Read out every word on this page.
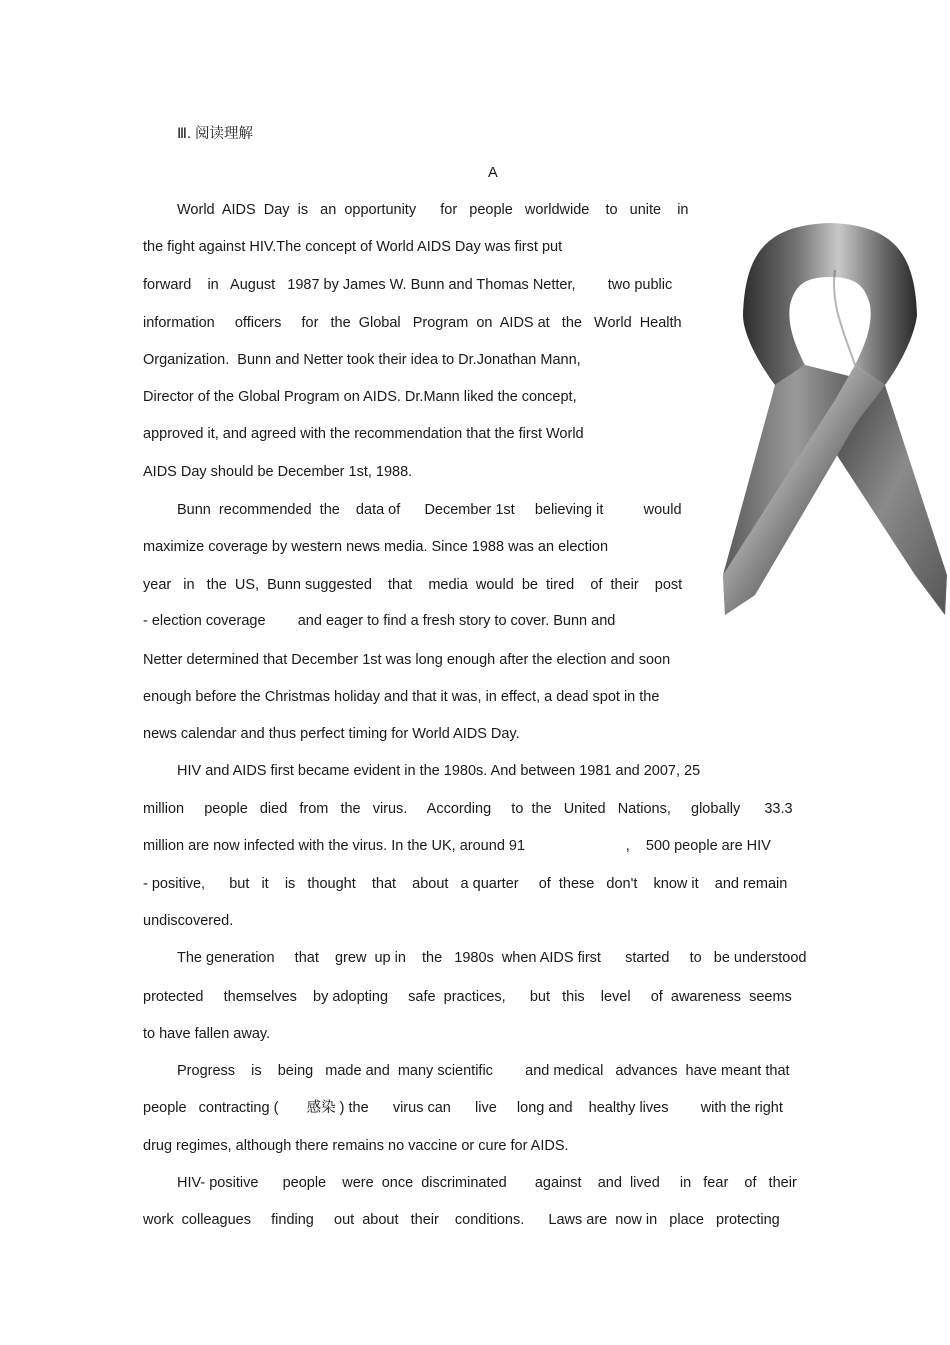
Ⅲ. 阅读理解
A
World  AIDS  Day  is   an  opportunity      for   people   worldwide    to   unite    in
the fight against HIV.The concept of World AIDS Day was first put
forward    in   August   1987 by James W. Bunn and Thomas Netter,        two public
information     officers     for   the  Global   Program  on  AIDS at   the   World  Health
Organization.  Bunn and Netter took their idea to Dr.Jonathan Mann,
Director of the Global Program on AIDS. Dr.Mann liked the concept,
approved it, and agreed with the recommendation that the first World
AIDS Day should be December 1st, 1988.
Bunn  recommended  the    data of      December 1st     believing it          would
maximize coverage by western news media. Since 1988 was an election
year   in   the  US,  Bunn suggested    that    media  would  be  tired    of  their    post
- election coverage        and eager to find a fresh story to cover. Bunn and
Netter determined that December 1st was long enough after the election and soon
enough before the Christmas holiday and that it was, in effect, a dead spot in the
news calendar and thus perfect timing for World AIDS Day.
HIV and AIDS first became evident in the 1980s. And between 1981 and 2007, 25
million     people   died   from   the   virus.     According     to  the   United   Nations,     globally      33.3
million are now infected with the virus. In the UK, around 91                         ,    500 people are HIV
- positive,      but   it    is   thought    that    about   a quarter     of  these   don't    know it    and remain
undiscovered.
The generation     that    grew  up in    the   1980s  when AIDS first      started     to   be understood
protected     themselves    by adopting     safe  practices,      but   this    level     of  awareness  seems
to have fallen away.
Progress    is    being   made and  many scientific        and medical   advances  have meant that
people   contracting (       感染 ) the      virus can      live     long and    healthy lives        with the right
drug regimes, although there remains no vaccine or cure for AIDS.
HIV- positive      people    were  once  discriminated       against    and  lived     in   fear    of   their
work  colleagues     finding     out  about   their    conditions.      Laws are  now in   place   protecting
